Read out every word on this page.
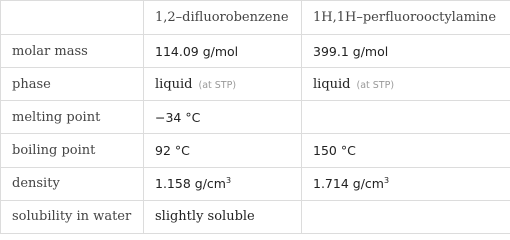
	1,2–difluorobenzene	1H,1H–perfluorooctylamine
molar mass	114.09 g/mol	399.1 g/mol
phase	liquid (at STP)	liquid (at STP)
melting point	−34 °C	
boiling point	92 °C	150 °C
density	1.158 $g/cm^3$	1.714 $g/cm^3$
solubility in water	slightly soluble	
